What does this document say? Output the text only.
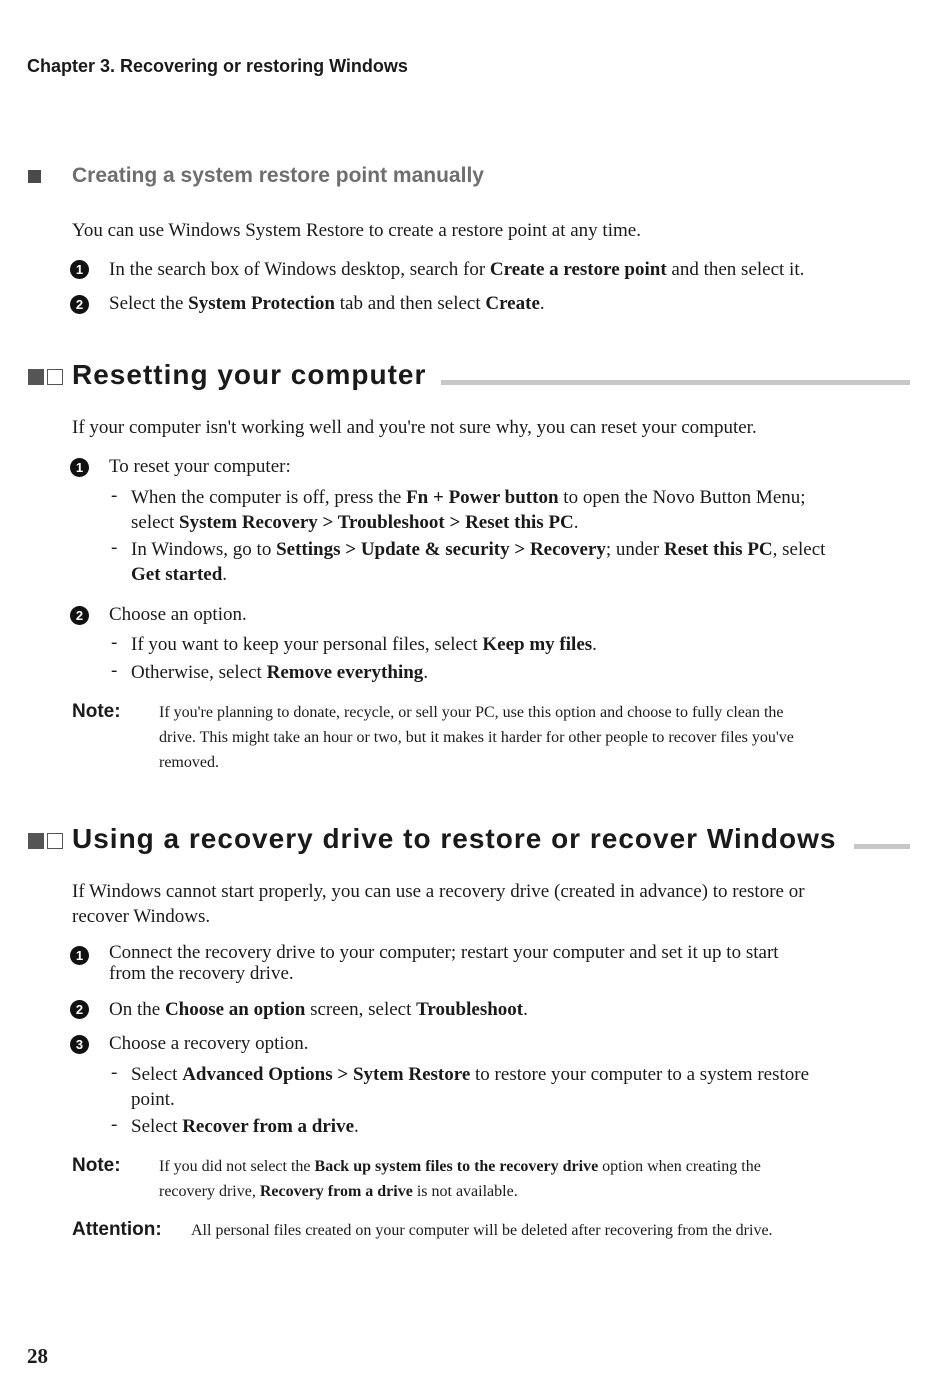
Chapter 3. Recovering or restoring Windows
Creating a system restore point manually
You can use Windows System Restore to create a restore point at any time.
1	In the search box of Windows desktop, search for Create a restore point and then select it.
2	Select the System Protection tab and then select Create.
Resetting your computer
If your computer isn't working well and you're not sure why, you can reset your computer.
1	To reset your computer:
- When the computer is off, press the Fn + Power button to open the Novo Button Menu;
select System Recovery > Troubleshoot > Reset this PC.
- In Windows, go to Settings > Update & security > Recovery; under Reset this PC, select
Get started.
2	Choose an option.
- If you want to keep your personal files, select Keep my files.
- Otherwise, select Remove everything.
Note: If you're planning to donate, recycle, or sell your PC, use this option and choose to fully clean the
drive. This might take an hour or two, but it makes it harder for other people to recover files you've
removed.
Using a recovery drive to restore or recover Windows
If Windows cannot start properly, you can use a recovery drive (created in advance) to restore or
recover Windows.
1	Connect the recovery drive to your computer; restart your computer and set it up to start
from the recovery drive.
2	On the Choose an option screen, select Troubleshoot.
3	Choose a recovery option.
- Select Advanced Options > Sytem Restore to restore your computer to a system restore
point.
- Select Recover from a drive.
Note: If you did not select the Back up system files to the recovery drive option when creating the
recovery drive, Recovery from a drive is not available.
Attention: All personal files created on your computer will be deleted after recovering from the drive.
28
